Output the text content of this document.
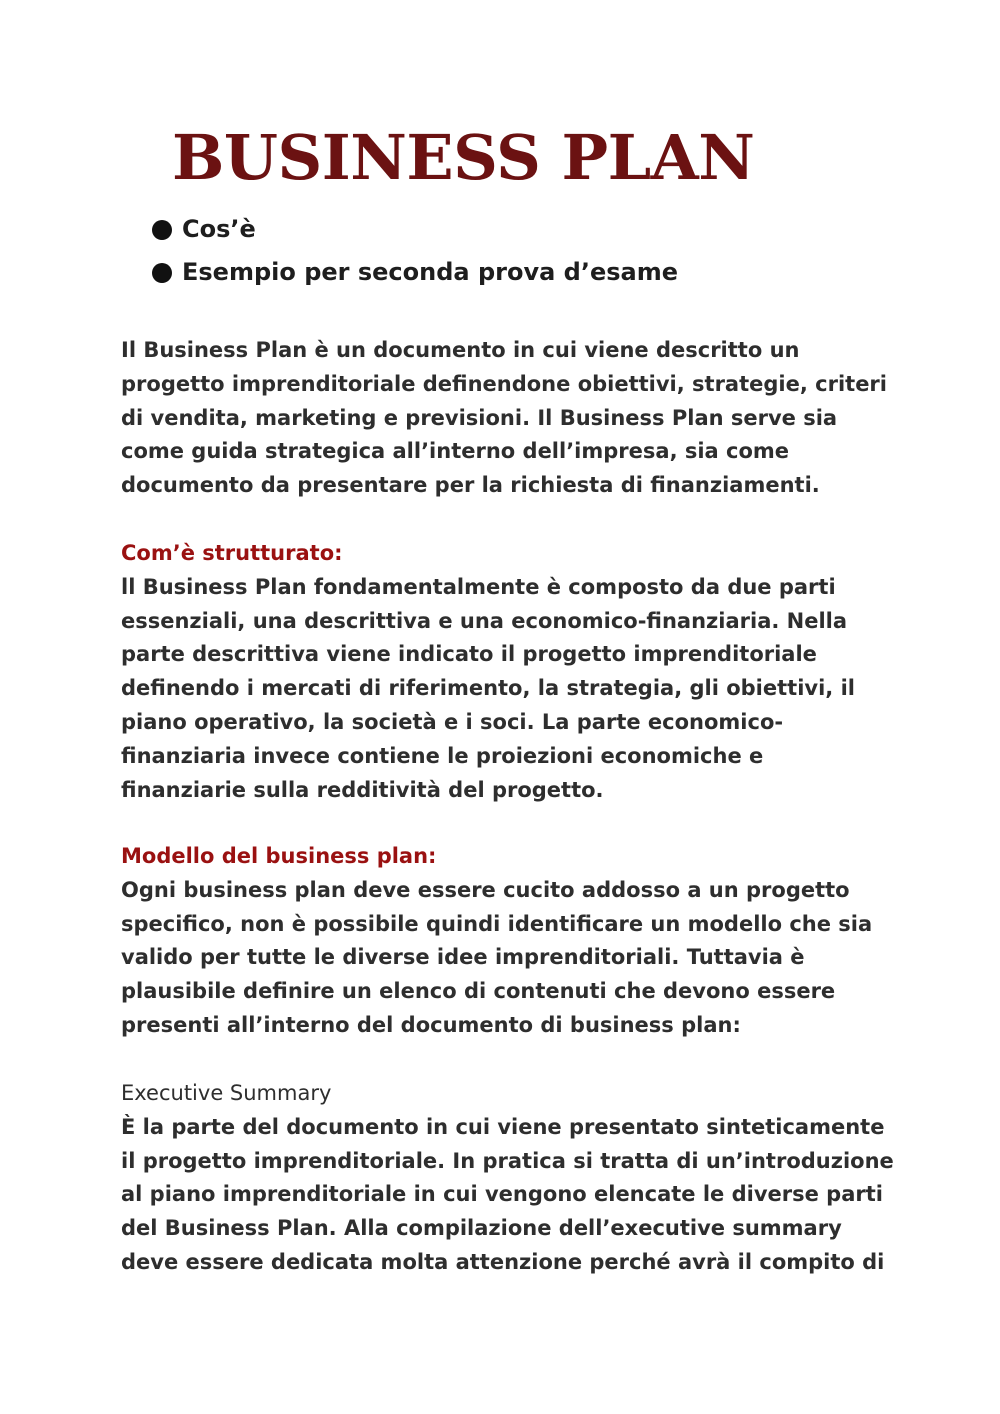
BUSINESS PLAN
Cos’è
Esempio per seconda prova d’esame
Il Business Plan è un documento in cui viene descritto un
progetto imprenditoriale definendone obiettivi, strategie, criteri
di vendita, marketing e previsioni. Il Business Plan serve sia
come guida strategica all’interno dell’impresa, sia come
documento da presentare per la richiesta di finanziamenti.
Com’è strutturato:
ll Business Plan fondamentalmente è composto da due parti
essenziali, una descrittiva e una economico-finanziaria. Nella
parte descrittiva viene indicato il progetto imprenditoriale
definendo i mercati di riferimento, la strategia, gli obiettivi, il
piano operativo, la società e i soci. La parte economico-
finanziaria invece contiene le proiezioni economiche e
finanziarie sulla redditività del progetto.
Modello del business plan:
Ogni business plan deve essere cucito addosso a un progetto
specifico, non è possibile quindi identificare un modello che sia
valido per tutte le diverse idee imprenditoriali. Tuttavia è
plausibile definire un elenco di contenuti che devono essere
presenti all’interno del documento di business plan:
Executive Summary
È la parte del documento in cui viene presentato sinteticamente
il progetto imprenditoriale. In pratica si tratta di un’introduzione
al piano imprenditoriale in cui vengono elencate le diverse parti
del Business Plan. Alla compilazione dell’executive summary
deve essere dedicata molta attenzione perché avrà il compito di
